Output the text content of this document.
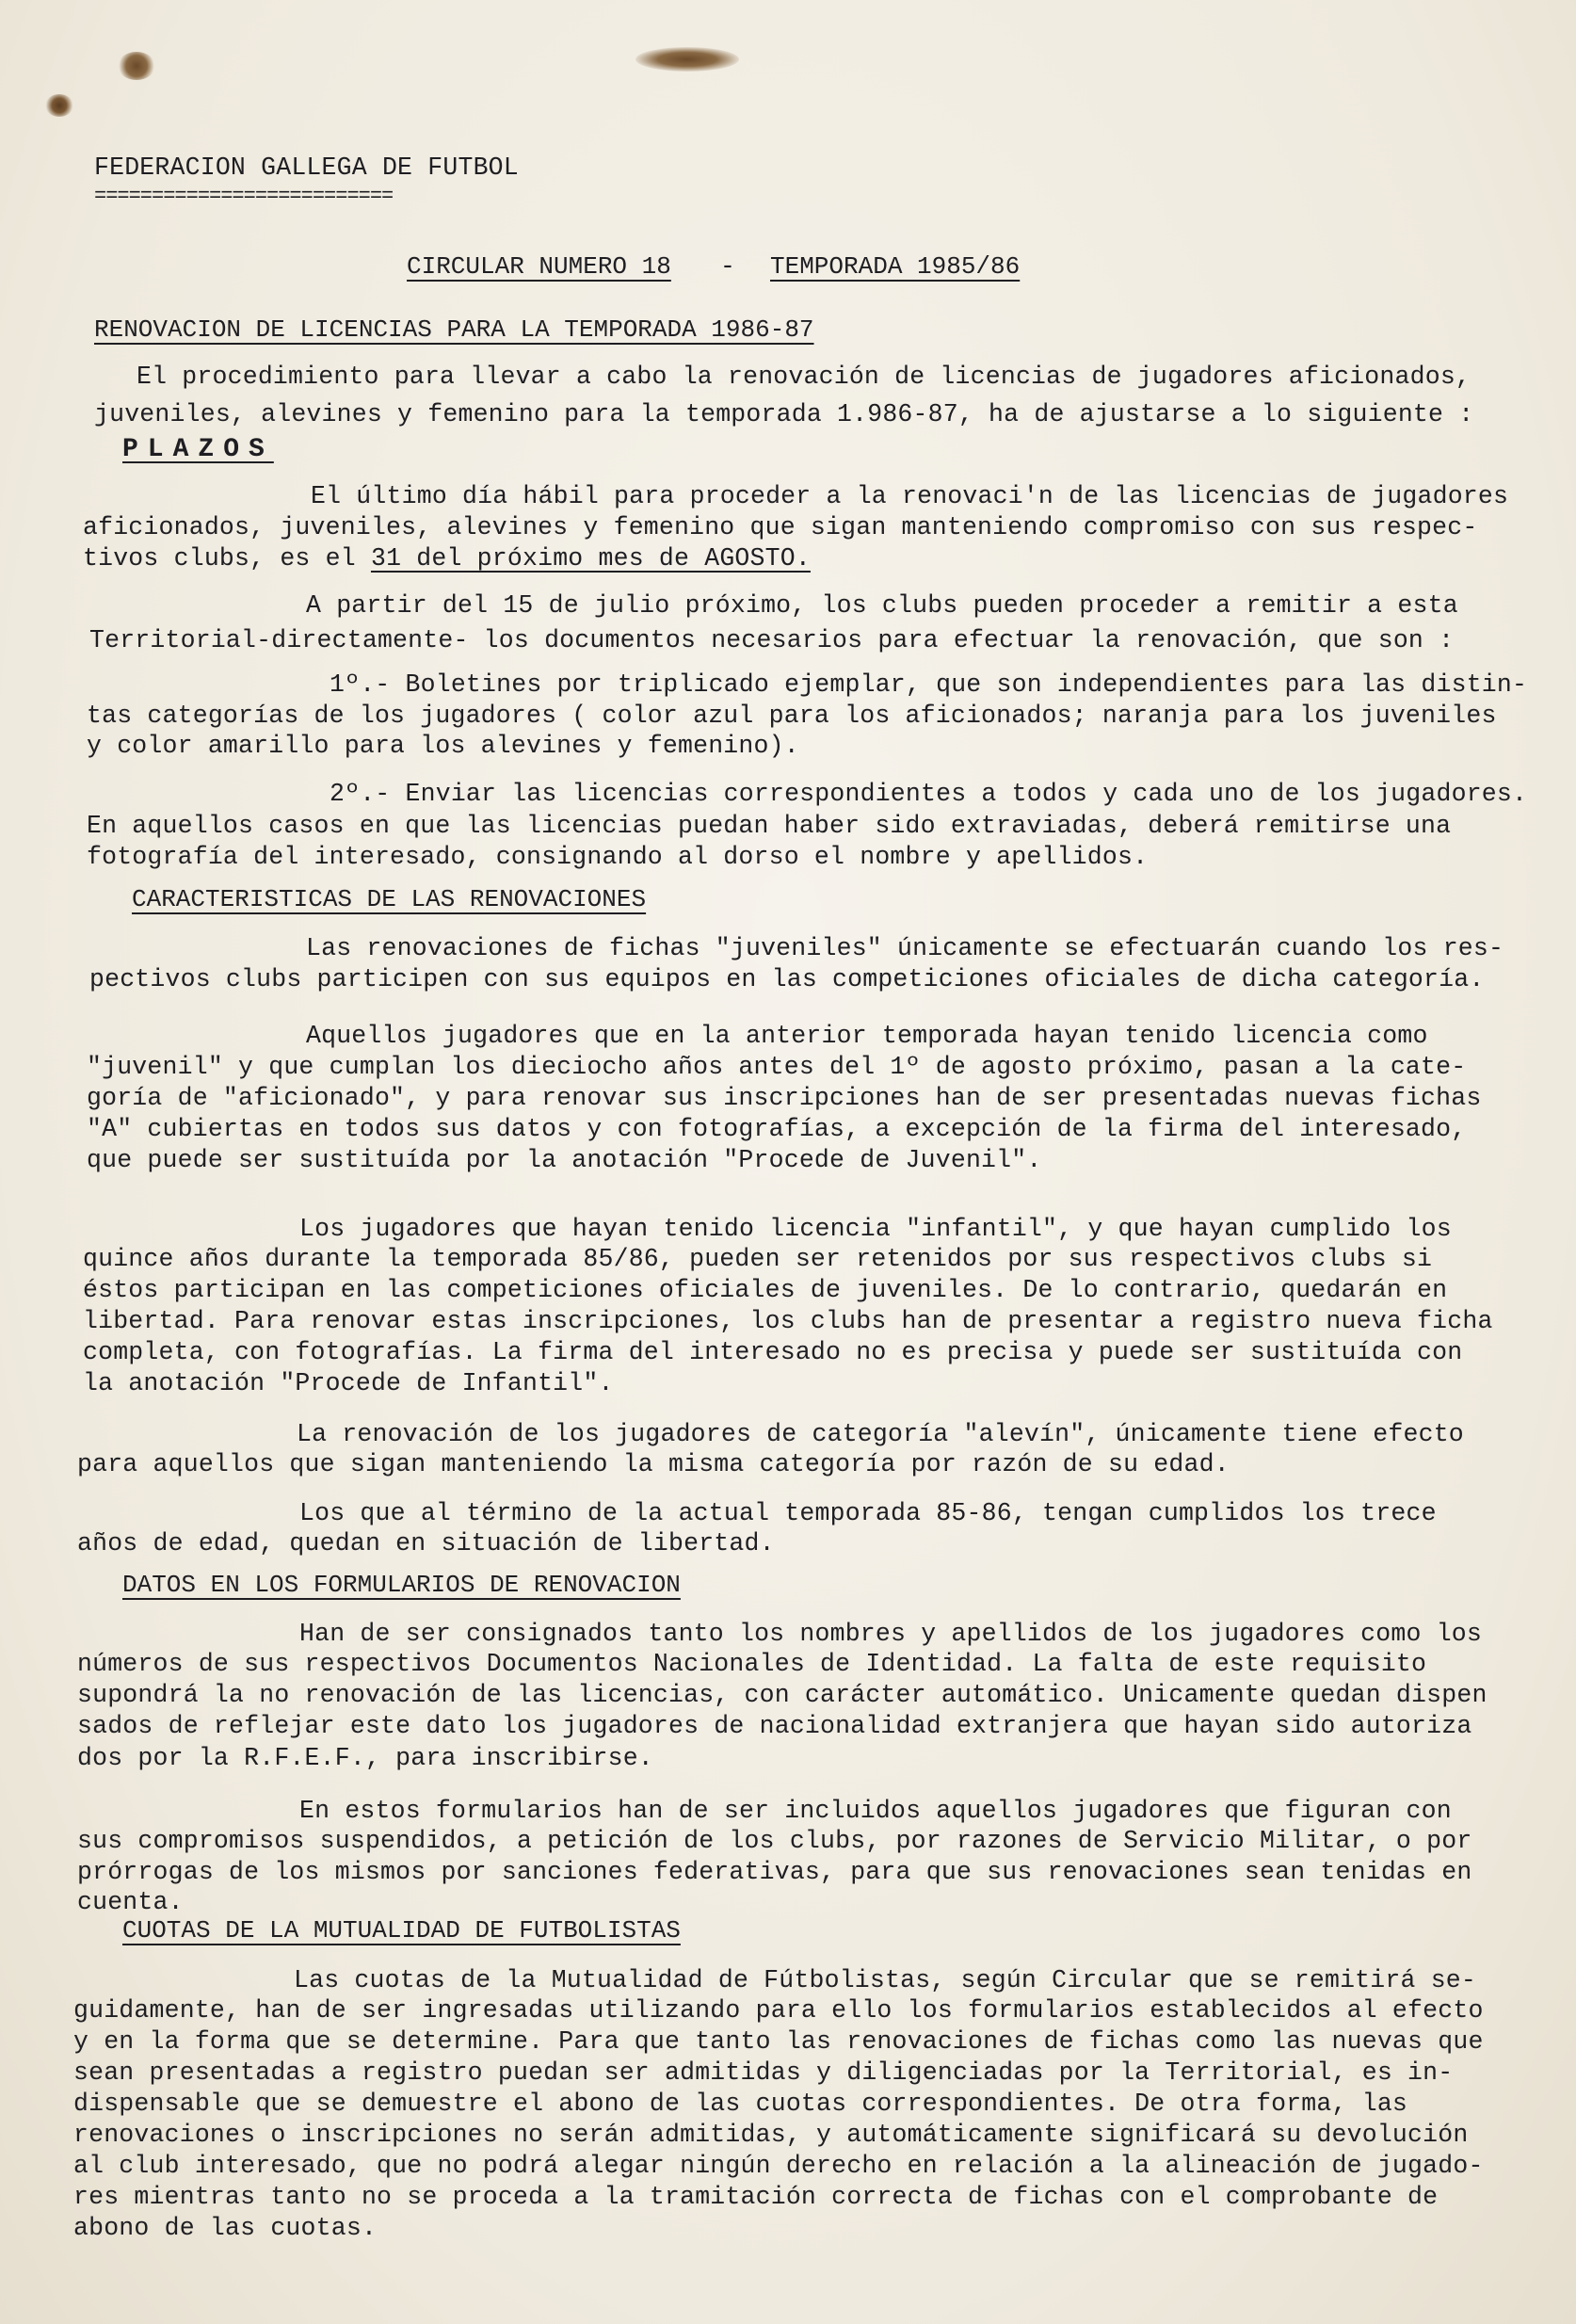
FEDERACION GALLEGA DE FUTBOL
==========================
CIRCULAR NUMERO 18 - TEMPORADA 1985/86
RENOVACION DE LICENCIAS PARA LA TEMPORADA 1986-87
El procedimiento para llevar a cabo la renovación de licencias de jugadores aficionados,
juveniles, alevines y femenino para la temporada 1.986-87, ha de ajustarse a lo siguiente :
PLAZOS
El último día hábil para proceder a la renovaci'n de las licencias de jugadores
aficionados, juveniles, alevines y femenino que sigan manteniendo compromiso con sus respec-
tivos clubs, es el 31 del próximo mes de AGOSTO.
A partir del 15 de julio próximo, los clubs pueden proceder a remitir a esta
Territorial-directamente- los documentos necesarios para efectuar la renovación, que son :
1º.- Boletines por triplicado ejemplar, que son independientes para las distin-
tas categorías de los jugadores ( color azul para los aficionados; naranja para los juveniles
y color amarillo para los alevines y femenino).
2º.- Enviar las licencias correspondientes a todos y cada uno de los jugadores.
En aquellos casos en que las licencias puedan haber sido extraviadas, deberá remitirse una
fotografía del interesado, consignando al dorso el nombre y apellidos.
CARACTERISTICAS DE LAS RENOVACIONES
Las renovaciones de fichas "juveniles" únicamente se efectuarán cuando los res-
pectivos clubs participen con sus equipos en las competiciones oficiales de dicha categoría.
Aquellos jugadores que en la anterior temporada hayan tenido licencia como
"juvenil" y que cumplan los dieciocho años antes del 1º de agosto próximo, pasan a la cate-
goría de "aficionado", y para renovar sus inscripciones han de ser presentadas nuevas fichas
"A" cubiertas en todos sus datos y con fotografías, a excepción de la firma del interesado,
que puede ser sustituída por la anotación "Procede de Juvenil".
Los jugadores que hayan tenido licencia "infantil", y que hayan cumplido los
quince años durante la temporada 85/86, pueden ser retenidos por sus respectivos clubs si
éstos participan en las competiciones oficiales de juveniles. De lo contrario, quedarán en
libertad. Para renovar estas inscripciones, los clubs han de presentar a registro nueva ficha
completa, con fotografías. La firma del interesado no es precisa y puede ser sustituída con
la anotación "Procede de Infantil".
La renovación de los jugadores de categoría "alevín", únicamente tiene efecto
para aquellos que sigan manteniendo la misma categoría por razón de su edad.
Los que al término de la actual temporada 85-86, tengan cumplidos los trece
años de edad, quedan en situación de libertad.
DATOS EN LOS FORMULARIOS DE RENOVACION
Han de ser consignados tanto los nombres y apellidos de los jugadores como los
números de sus respectivos Documentos Nacionales de Identidad. La falta de este requisito
supondrá la no renovación de las licencias, con carácter automático. Unicamente quedan dispen
sados de reflejar este dato los jugadores de nacionalidad extranjera que hayan sido autoriza
dos por la R.F.E.F., para inscribirse.
En estos formularios han de ser incluidos aquellos jugadores que figuran con
sus compromisos suspendidos, a petición de los clubs, por razones de Servicio Militar, o por
prórrogas de los mismos por sanciones federativas, para que sus renovaciones sean tenidas en
cuenta.
CUOTAS DE LA MUTUALIDAD DE FUTBOLISTAS
Las cuotas de la Mutualidad de Fútbolistas, según Circular que se remitirá se-
guidamente, han de ser ingresadas utilizando para ello los formularios establecidos al efecto
y en la forma que se determine. Para que tanto las renovaciones de fichas como las nuevas que
sean presentadas a registro puedan ser admitidas y diligenciadas por la Territorial, es in-
dispensable que se demuestre el abono de las cuotas correspondientes. De otra forma, las
renovaciones o inscripciones no serán admitidas, y automáticamente significará su devolución
al club interesado, que no podrá alegar ningún derecho en relación a la alineación de jugado-
res mientras tanto no se proceda a la tramitación correcta de fichas con el comprobante de
abono de las cuotas.
